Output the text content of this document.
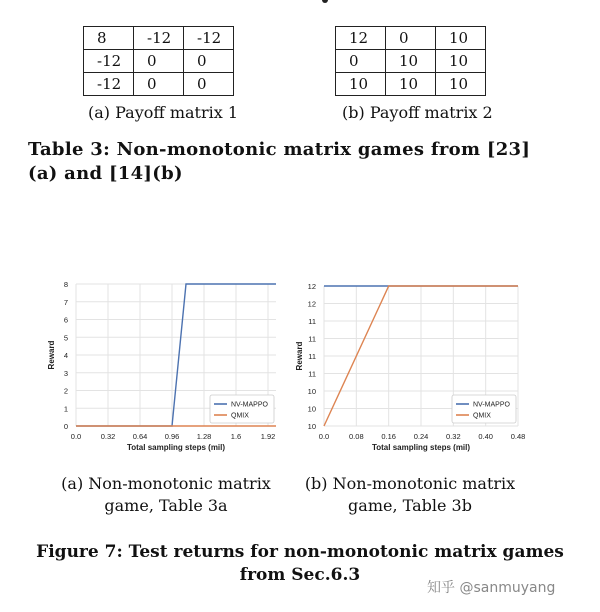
8	-12	-12
-12	0	0
-12	0	0
12	0	10
0	10	10
10	10	10
(a) Payoff matrix 1	(b) Payoff matrix 2
Table 3: Non-monotonic matrix games from [23] (a) and [14](b)
0
1
2
3
4
5
6
7
8
0.0	0.32 0.64 0.96 1.28	1.6	1.92
Total sampling steps (mil)
Reward
NV-MAPPO
QMIX
10
10
10
11
11
11
11
12
12
0.0	0.08 0.16 0.24 0.32 0.40 0.48
Total sampling steps (mil)
Reward
NV-MAPPO
QMIX
(a) Non-monotonic matrix game, Table 3a
(b) Non-monotonic matrix game, Table 3b
Figure 7: Test returns for non-monotonic matrix games from Sec.6.3
知乎 @sanmuyang
